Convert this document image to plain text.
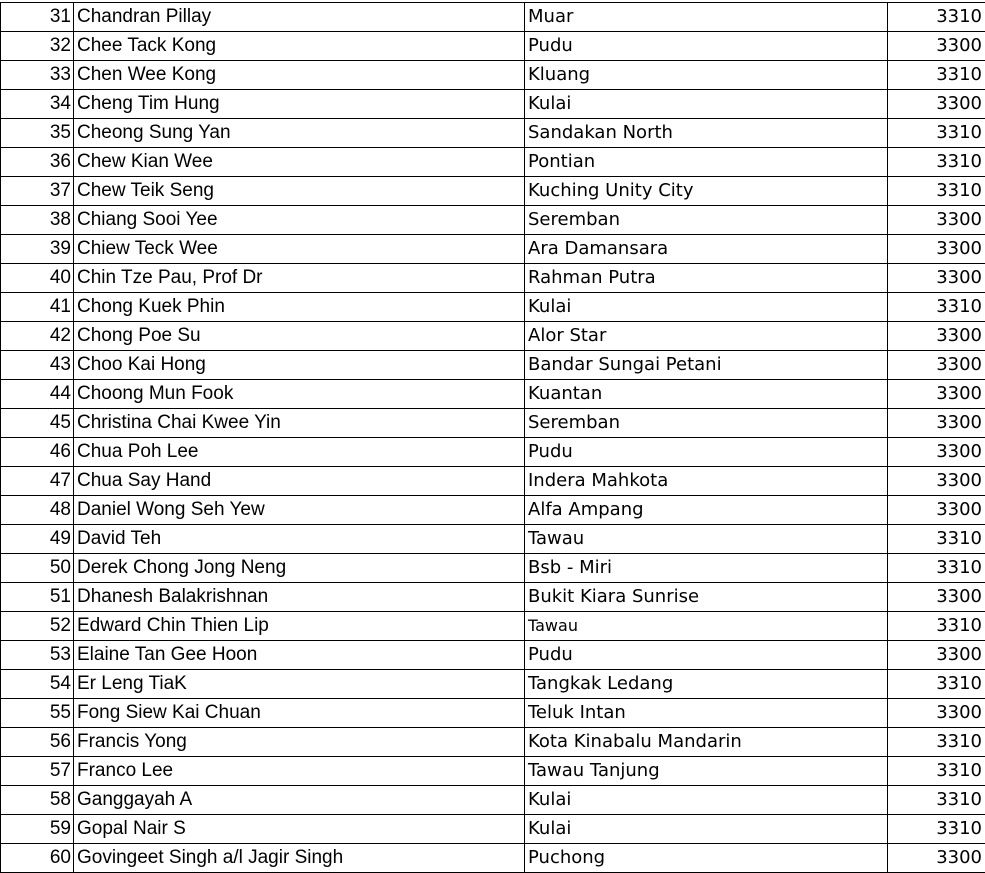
31	Chandran Pillay	Muar	3310
32	Chee Tack Kong	Pudu	3300
33	Chen Wee Kong	Kluang	3310
34	Cheng Tim Hung	Kulai	3300
35	Cheong Sung Yan	Sandakan North	3310
36	Chew Kian Wee	Pontian	3310
37	Chew Teik Seng	Kuching Unity City	3310
38	Chiang Sooi Yee	Seremban	3300
39	Chiew Teck Wee	Ara Damansara	3300
40	Chin Tze Pau, Prof Dr	Rahman Putra	3300
41	Chong Kuek Phin	Kulai	3310
42	Chong Poe Su	Alor Star	3300
43	Choo Kai Hong	Bandar Sungai Petani	3300
44	Choong Mun Fook	Kuantan	3300
45	Christina Chai Kwee Yin	Seremban	3300
46	Chua Poh Lee	Pudu	3300
47	Chua Say Hand	Indera Mahkota	3300
48	Daniel Wong Seh Yew	Alfa Ampang	3300
49	David Teh	Tawau	3310
50	Derek Chong Jong Neng	Bsb - Miri	3310
51	Dhanesh Balakrishnan	Bukit Kiara Sunrise	3300
52	Edward Chin Thien Lip	Tawau	3310
53	Elaine Tan Gee Hoon	Pudu	3300
54	Er Leng TiaK	Tangkak Ledang	3310
55	Fong Siew Kai Chuan	Teluk Intan	3300
56	Francis Yong	Kota Kinabalu Mandarin	3310
57	Franco Lee	Tawau Tanjung	3310
58	Ganggayah A	Kulai	3310
59	Gopal Nair S	Kulai	3310
60	Govingeet Singh a/l Jagir Singh	Puchong	3300
